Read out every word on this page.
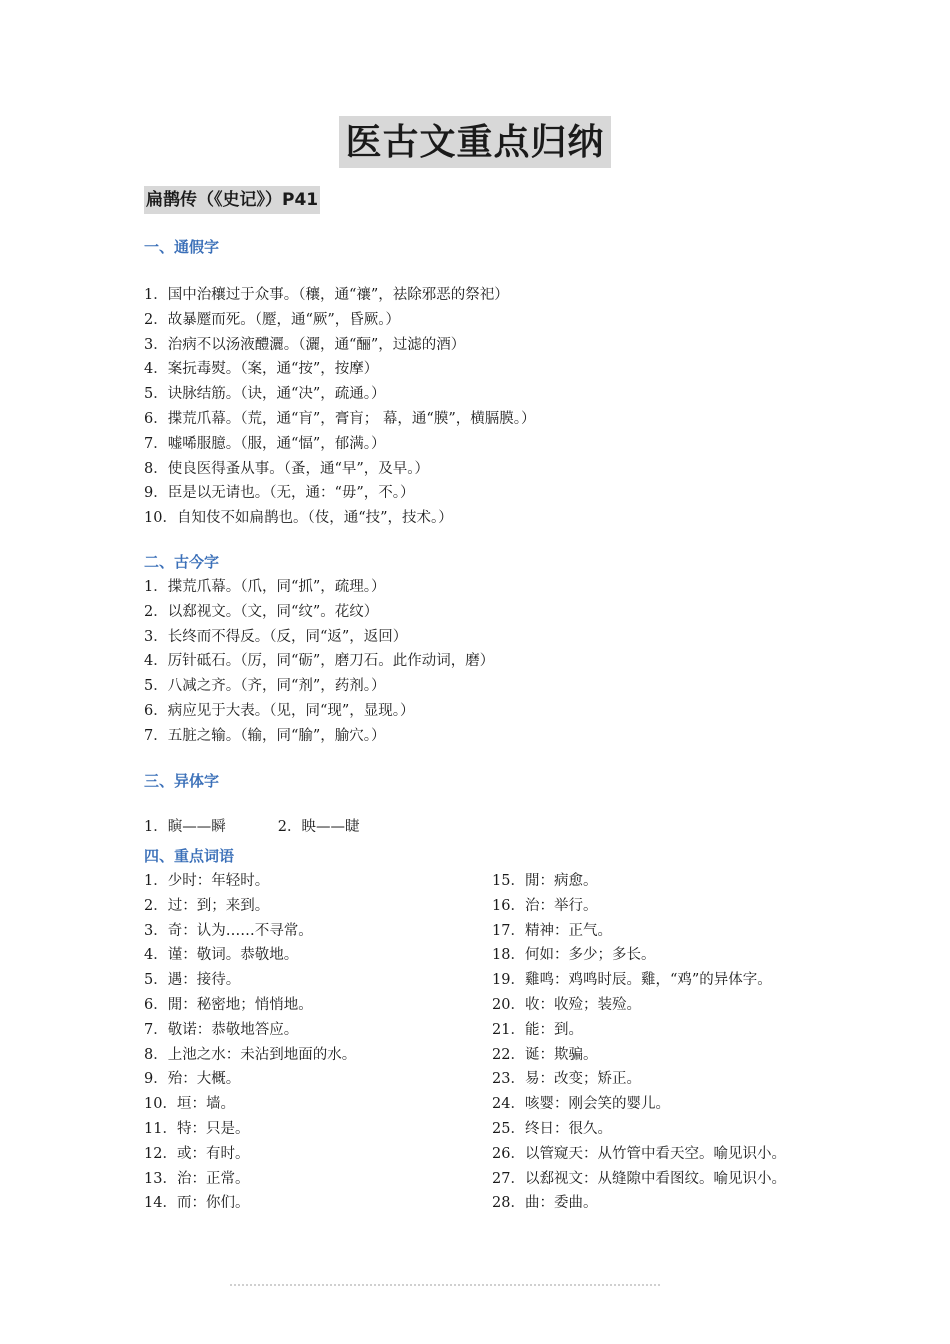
医古文重点归纳
扁鹊传（《史记》）P41
一、通假字
1．国中治穰过于众事。（穰，通“禳”，祛除邪恶的祭祀）
2．故暴蹷而死。（蹷，通“厥”，昏厥。）
3．治病不以汤液醴灑。（灑，通“酾”，过滤的酒）
4．案抏毒熨。（案，通“按”，按摩）
5．诀脉结筋。（诀，通“决”，疏通。）
6．揲荒爪幕。（荒，通“肓”，膏肓； 幕，通“膜”，横膈膜。）
7．嘘唏服臆。（服，通“愊”，郁满。）
8．使良医得蚤从事。（蚤，通“早”，及早。）
9．臣是以无请也。（无，通：“毋”，不。）
10．自知伎不如扁鹊也。（伎，通“技”，技术。）
二、古今字
1．揲荒爪幕。（爪，同“抓”，疏理。）
2．以郄视文。（文，同“纹”。花纹）
3．长终而不得反。（反，同“返”，返回）
4．厉针砥石。（厉，同“砺”，磨刀石。此作动词，磨）
5．八减之齐。（齐，同“剂”，药剂。）
6．病应见于大表。（见，同“现”，显现。）
7．五脏之输。（输，同“腧”，腧穴。）
三、异体字
1．瞚——瞬	2．眏——睫
四、重点词语
1．少时：年轻时。
2．过：到；来到。
3．奇：认为……不寻常。
4．谨：敬词。恭敬地。
5．遇：接待。
6．閒：秘密地；悄悄地。
7．敬诺：恭敬地答应。
8．上池之水：未沾到地面的水。
9．殆：大概。
10．垣：墙。
11．特：只是。
12．或：有时。
13．治：正常。
14．而：你们。
15．閒：病愈。
16．治：举行。
17．精神：正气。
18．何如：多少；多长。
19．雞鸣：鸡鸣时辰。雞，“鸡”的异体字。
20．收：收殓；装殓。
21．能：到。
22．诞：欺骗。
23．易：改变；矫正。
24．咳婴：刚会笑的婴儿。
25．终日：很久。
26．以管窥天：从竹管中看天空。喻见识小。
27．以郄视文：从缝隙中看图纹。喻见识小。
28．曲：委曲。
